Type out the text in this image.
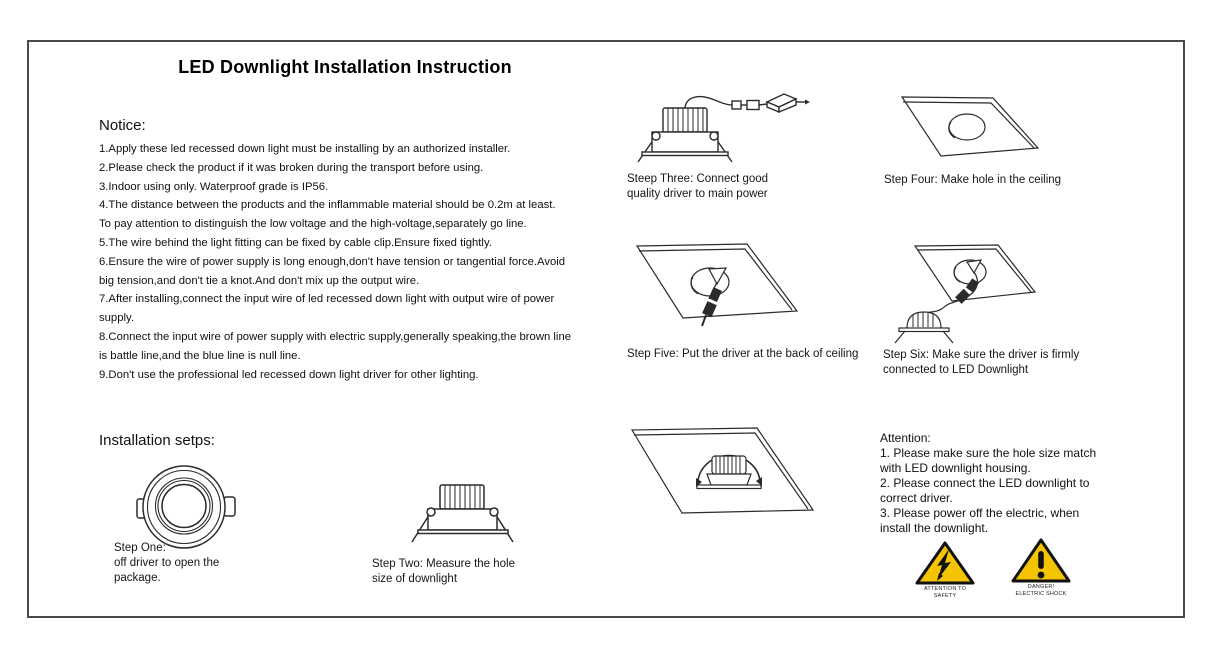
LED Downlight Installation Instruction
Notice:
1.Apply these led recessed down light must be installing by an authorized installer.
2.Please check the product if it was broken during the transport before using.
3.Indoor using only. Waterproof grade is IP56.
4.The distance between the products and the inflammable material should be 0.2m at least.
To pay attention to distinguish the low voltage and the high-voltage,separately go line.
5.The wire behind the light fitting can be fixed by cable clip.Ensure fixed tightly.
6.Ensure the wire of power supply is long enough,don't have tension or tangential force.Avoid
big tension,and don't tie a knot.And don't mix up the output wire.
7.After installing,connect the input wire of led recessed down light with output wire of power
supply.
8.Connect the input wire of power supply with electric supply,generally speaking,the brown line
is battle line,and the blue line is null line.
9.Don't use the professional led recessed down light driver for other lighting.
Installation setps:
Step One:
off driver to open the
package.
Step Two: Measure the hole
size of downlight
Steep Three: Connect good
quality driver to main power
Step Four: Make hole in the ceiling
Step Five: Put the driver at the back of ceiling Step Six: Make sure the driver is firmly
connected to LED Downlight
Attention:
1. Please make sure the hole size match
with LED downlight housing.
2. Please connect the LED downlight to
correct driver.
3. Please power off the electric, when
install the downlight.
ATTENTION TO SAFETY
DANGER!
ELECTRIC SHOCK
